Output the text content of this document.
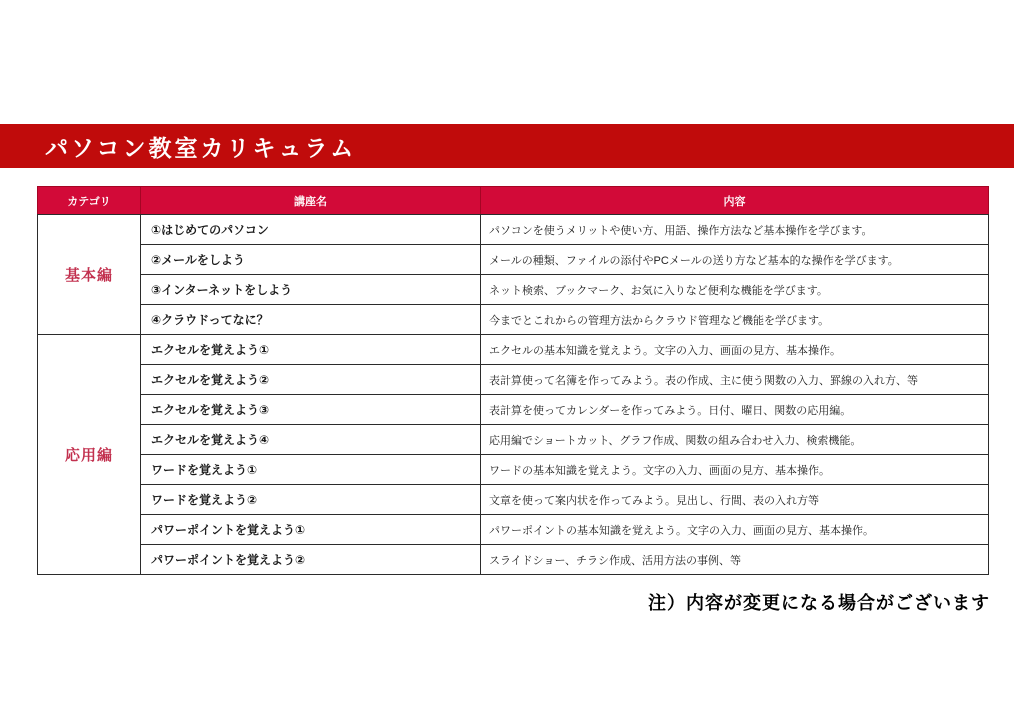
パソコン教室カリキュラム
カテゴリ	講座名	内容
基本編	①はじめてのパソコン	パソコンを使うメリットや使い方、用語、操作方法など基本操作を学びます。
	②メールをしよう	メールの種類、ファイルの添付やPCメールの送り方など基本的な操作を学びます。
	③インターネットをしよう	ネット検索、ブックマーク、お気に入りなど便利な機能を学びます。
	④クラウドってなに？	今までとこれからの管理方法からクラウド管理など機能を学びます。
応用編	エクセルを覚えよう①	エクセルの基本知識を覚えよう。文字の入力、画面の見方、基本操作。
	エクセルを覚えよう②	表計算使って名簿を作ってみよう。表の作成、主に使う関数の入力、罫線の入れ方、等
	エクセルを覚えよう③	表計算を使ってカレンダーを作ってみよう。日付、曜日、関数の応用編。
	エクセルを覚えよう④	応用編でショートカット、グラフ作成、関数の組み合わせ入力、検索機能。
	ワードを覚えよう①	ワードの基本知識を覚えよう。文字の入力、画面の見方、基本操作。
	ワードを覚えよう②	文章を使って案内状を作ってみよう。見出し、行間、表の入れ方等
	パワーポイントを覚えよう①	パワーポイントの基本知識を覚えよう。文字の入力、画面の見方、基本操作。
	パワーポイントを覚えよう②	スライドショー、チラシ作成、活用方法の事例、等
注）内容が変更になる場合がございます
